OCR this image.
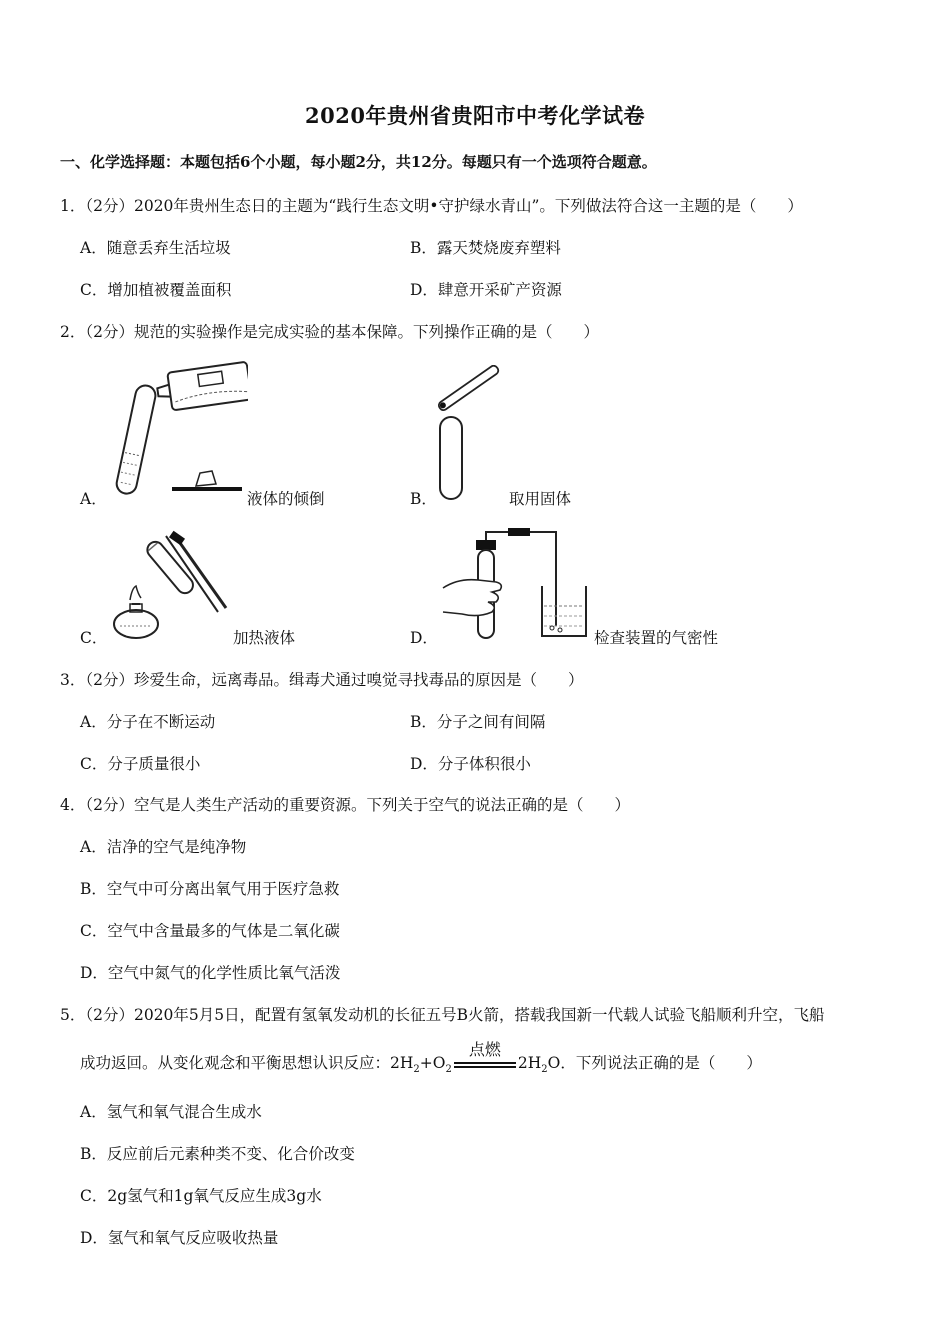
2020年贵州省贵阳市中考化学试卷
一、化学选择题：本题包括6个小题，每小题2分，共12分。每题只有一个选项符合题意。
1．（2分）2020年贵州生态日的主题为“践行生态文明•守护绿水青山”。下列做法符合这一主题的是（　　）
A．随意丢弃生活垃圾	B．露天焚烧废弃塑料
C．增加植被覆盖面积	D．肆意开采矿产资源
2．（2分）规范的实验操作是完成实验的基本保障。下列操作正确的是（　　）
A．	液体的倾倒	B．	取用固体
C．	加热液体	D．	检查装置的气密性
3．（2分）珍爱生命，远离毒品。缉毒犬通过嗅觉寻找毒品的原因是（　　）
A．分子在不断运动	B．分子之间有间隔
C．分子质量很小	D．分子体积很小
4．（2分）空气是人类生产活动的重要资源。下列关于空气的说法正确的是（　　）
A．洁净的空气是纯净物
B．空气中可分离出氧气用于医疗急救
C．空气中含量最多的气体是二氧化碳
D．空气中氮气的化学性质比氧气活泼
5．（2分）2020年5月5日，配置有氢氧发动机的长征五号B火箭，搭载我国新一代载人试验飞船顺利升空，飞船
成功返回。从变化观念和平衡思想认识反应：$2H_2+O_2$
点燃
$2H_2O$．下列说法正确的是（　　）
A．氢气和氧气混合生成水
B．反应前后元素种类不变、化合价改变
C．2g氢气和1g氧气反应生成3g水
D．氢气和氧气反应吸收热量
